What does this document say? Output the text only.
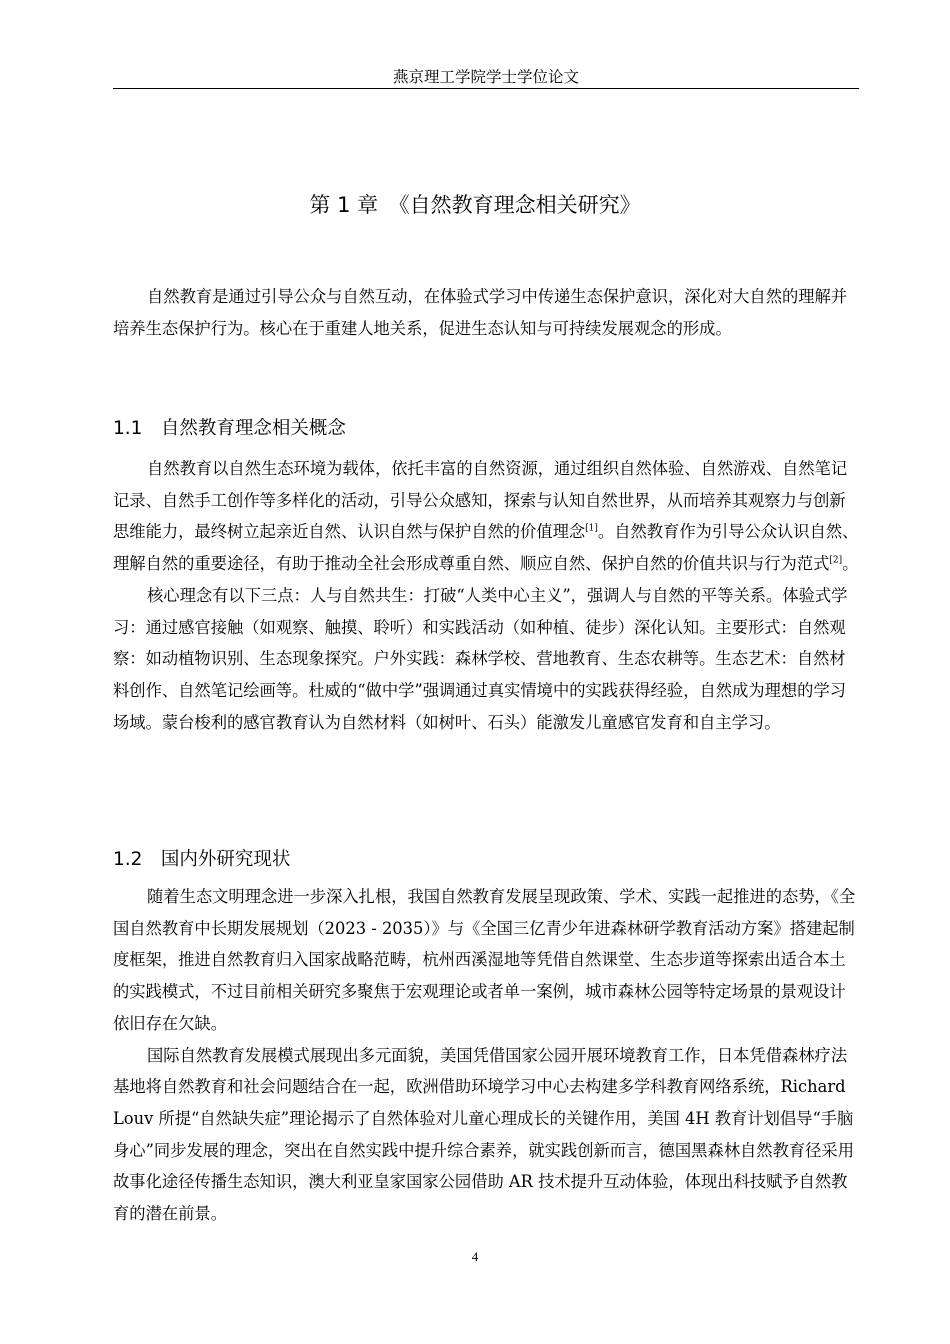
燕京理工学院学士学位论文
第 1 章　《自然教育理念相关研究》

自然教育是通过引导公众与自然互动，在体验式学习中传递生态保护意识，深化对大自然的理解并培养生态保护行为。核心在于重建人地关系，促进生态认知与可持续发展观念的形成。

1.1　自然教育理念相关概念

自然教育以自然生态环境为载体，依托丰富的自然资源，通过组织自然体验、自然游戏、自然笔记记录、自然手工创作等多样化的活动，引导公众感知，探索与认知自然世界，从而培养其观察力与创新思维能力，最终树立起亲近自然、认识自然与保护自然的价值理念[1]。自然教育作为引导公众认识自然、理解自然的重要途径，有助于推动全社会形成尊重自然、顺应自然、保护自然的价值共识与行为范式[2]。

核心理念有以下三点：人与自然共生：打破“人类中心主义”，强调人与自然的平等关系。体验式学习：通过感官接触（如观察、触摸、聆听）和实践活动（如种植、徒步）深化认知。主要形式：自然观察：如动植物识别、生态现象探究。户外实践：森林学校、营地教育、生态农耕等。生态艺术：自然材料创作、自然笔记绘画等。杜威的“做中学”强调通过真实情境中的实践获得经验，自然成为理想的学习场域。蒙台梭利的感官教育认为自然材料（如树叶、石头）能激发儿童感官发育和自主学习。

1.2　国内外研究现状

随着生态文明理念进一步深入扎根，我国自然教育发展呈现政策、学术、实践一起推进的态势，《全国自然教育中长期发展规划（2023 - 2035）》与《全国三亿青少年进森林研学教育活动方案》搭建起制度框架，推进自然教育归入国家战略范畴，杭州西溪湿地等凭借自然课堂、生态步道等探索出适合本土的实践模式，不过目前相关研究多聚焦于宏观理论或者单一案例，城市森林公园等特定场景的景观设计依旧存在欠缺。

国际自然教育发展模式展现出多元面貌，美国凭借国家公园开展环境教育工作，日本凭借森林疗法基地将自然教育和社会问题结合在一起，欧洲借助环境学习中心去构建多学科教育网络系统，Richard Louv 所提“自然缺失症”理论揭示了自然体验对儿童心理成长的关键作用，美国 4H 教育计划倡导“手脑身心”同步发展的理念，突出在自然实践中提升综合素养，就实践创新而言，德国黑森林自然教育径采用故事化途径传播生态知识，澳大利亚皇家国家公园借助 AR 技术提升互动体验，体现出科技赋予自然教育的潜在前景。

4
